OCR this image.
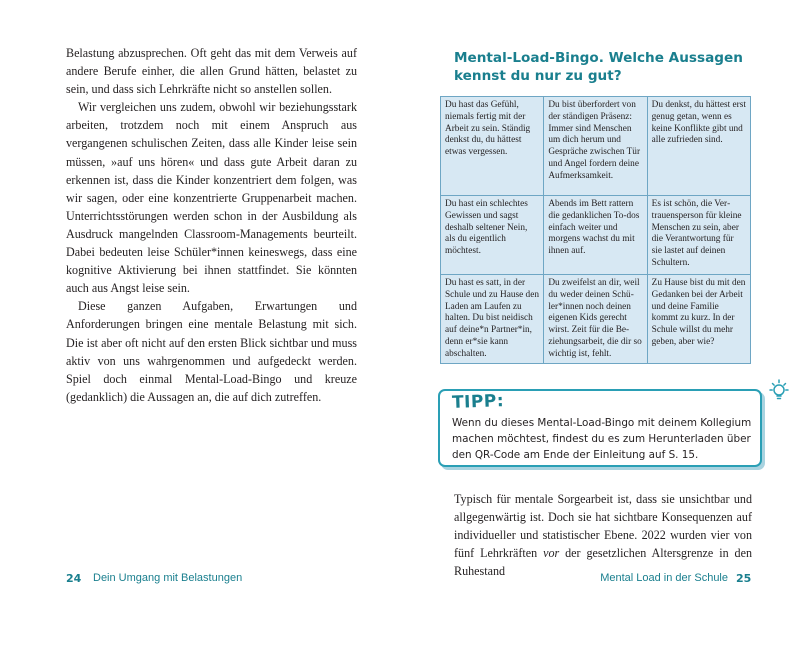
Belastung abzusprechen. Oft geht das mit dem Verweis auf andere Berufe einher, die allen Grund hätten, belastet zu sein, und dass sich Lehrkräfte nicht so anstellen sollen.

Wir vergleichen uns zudem, obwohl wir beziehungsstark arbeiten, trotzdem noch mit einem Anspruch aus vergangenen schulischen Zeiten, dass alle Kinder leise sein müssen, »auf uns hören« und dass gute Arbeit daran zu erkennen ist, dass die Kinder konzentriert dem folgen, was wir sagen, oder eine konzentrierte Gruppenarbeit machen. Unterrichtsstörungen werden schon in der Ausbildung als Ausdruck mangelnden Classroom-Managements beurteilt. Dabei bedeuten leise Schüler*innen keineswegs, dass eine kognitive Aktivierung bei ihnen stattfindet. Sie könnten auch aus Angst leise sein.

Diese ganzen Aufgaben, Erwartungen und Anforderungen bringen eine mentale Belastung mit sich. Die ist aber oft nicht auf den ersten Blick sichtbar und muss aktiv von uns wahrgenommen und aufgedeckt werden. Spiel doch einmal Mental-Load-Bingo und kreuze (gedanklich) die Aussagen an, die auf dich zutreffen.

24 Dein Umgang mit Belastungen
Mental-Load-Bingo. Welche Aussagen kennst du nur zu gut?
Du hast das Gefühl, niemals fertig mit der Arbeit zu sein. Ständig denkst du, du hättest etwas vergessen.	Du bist überfordert von der ständigen Präsenz: Immer sind Menschen um dich herum und Gespräche zwischen Tür und Angel fordern deine Aufmerksamkeit.	Du denkst, du hättest erst genug getan, wenn es keine Konflikte gibt und alle zufrieden sind.
Du hast ein schlechtes Gewissen und sagst deshalb seltener Nein, als du eigentlich möchtest.	Abends im Bett rattern die gedanklichen To-dos einfach weiter und morgens wachst du mit ihnen auf.	Es ist schön, die Vertrauensperson für kleine Menschen zu sein, aber die Verantwortung für sie lastet auf deinen Schultern.
Du hast es satt, in der Schule und zu Hause den Laden am Laufen zu halten. Du bist neidisch auf deine*n Partner*in, denn er*sie kann abschalten.	Du zweifelst an dir, weil du weder deinen Schüler*innen noch deinen eigenen Kids gerecht wirst. Zeit für die Beziehungsarbeit, die dir so wichtig ist, fehlt.	Zu Hause bist du mit den Gedanken bei der Arbeit und deine Familie kommt zu kurz. In der Schule willst du mehr geben, aber wie?
TIPP:
Wenn du dieses Mental-Load-Bingo mit deinem Kollegium machen möchtest, findest du es zum Herunterladen über den QR-Code am Ende der Einleitung auf S. 15.

Typisch für mentale Sorgearbeit ist, dass sie unsichtbar und allgegenwärtig ist. Doch sie hat sichtbare Konsequenzen auf individueller und statistischer Ebene. 2022 wurden vier von fünf Lehrkräften vor der gesetzlichen Altersgrenze in den Ruhestand	Mental Load in der Schule 25
